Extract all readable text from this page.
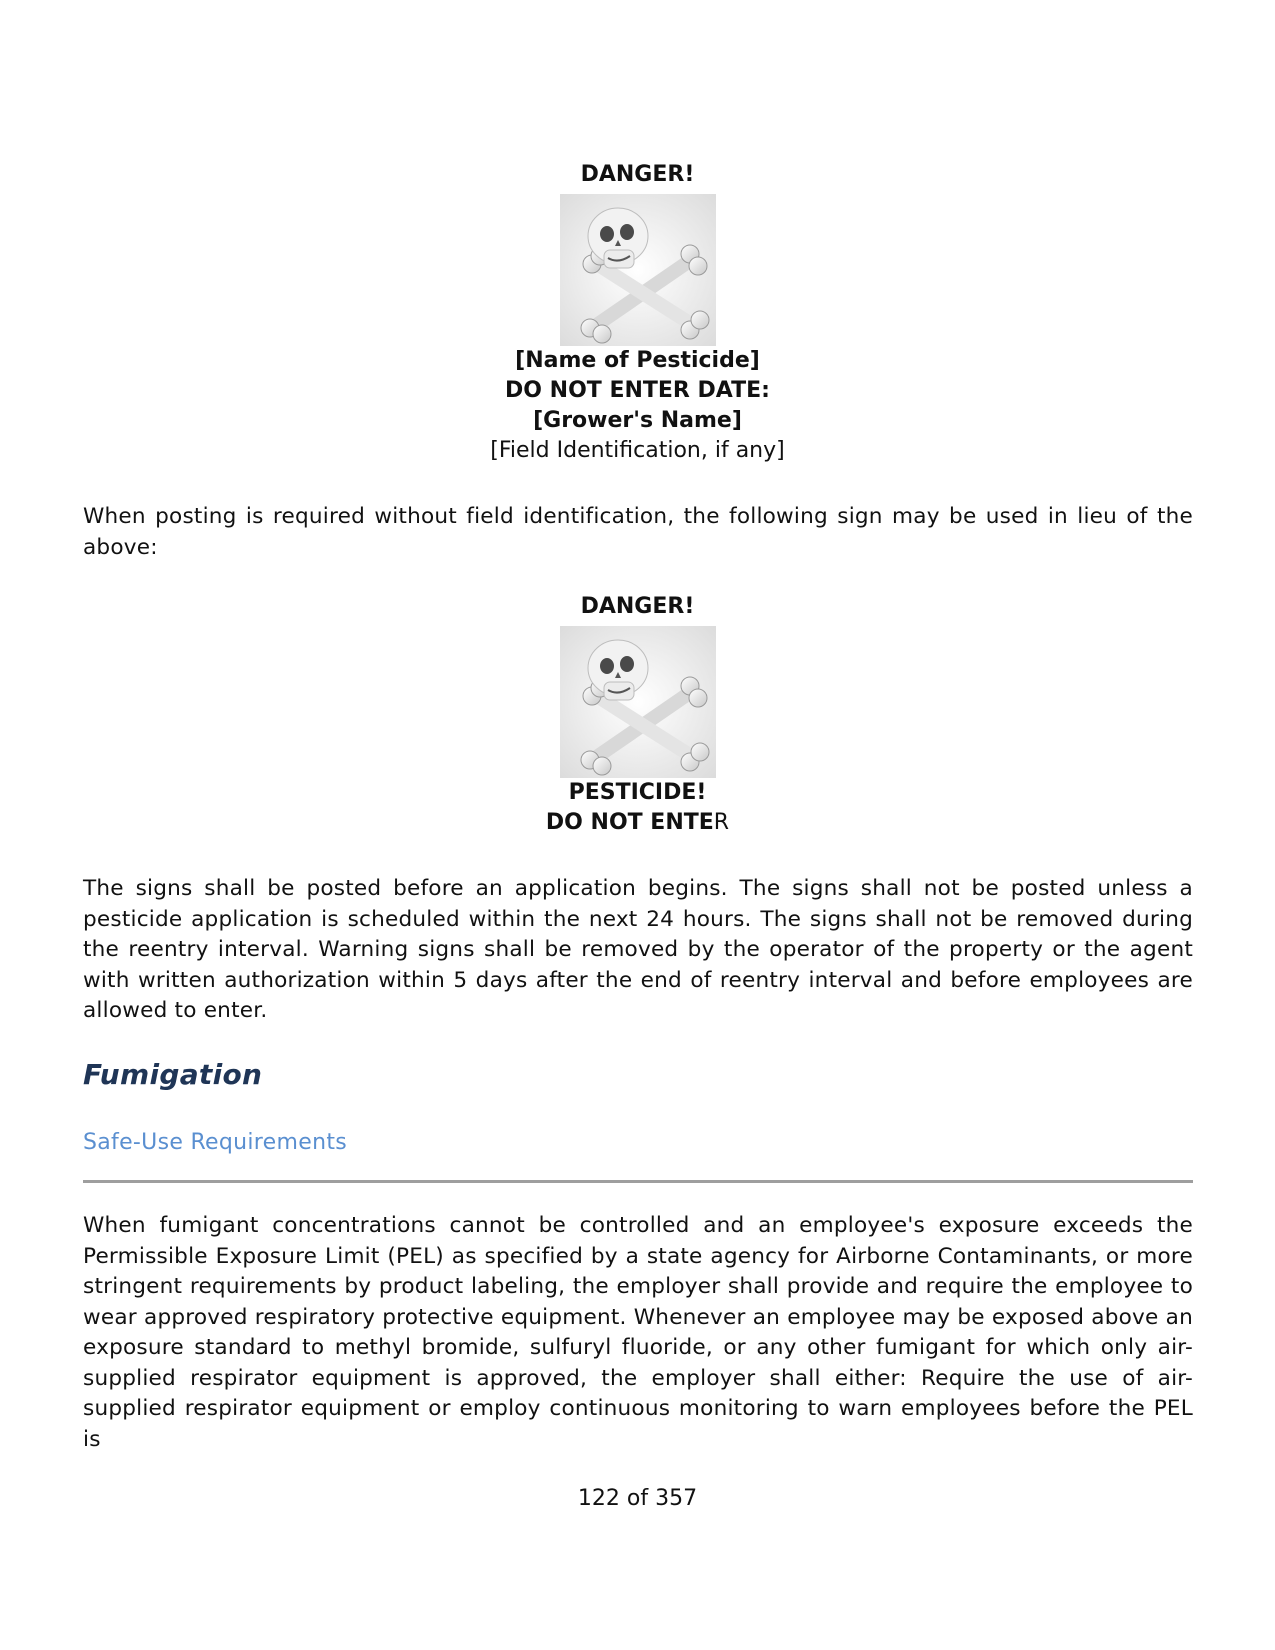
DANGER!
[Name of Pesticide]
DO NOT ENTER DATE:
[Grower's Name]
[Field Identification, if any]

When posting is required without field identification, the following sign may be used in lieu of the above:

DANGER!
PESTICIDE!
DO NOT ENTER

The signs shall be posted before an application begins. The signs shall not be posted unless a pesticide application is scheduled within the next 24 hours. The signs shall not be removed during the reentry interval. Warning signs shall be removed by the operator of the property or the agent with written authorization within 5 days after the end of reentry interval and before employees are allowed to enter.

Fumigation
Safe-Use Requirements

When fumigant concentrations cannot be controlled and an employee's exposure exceeds the Permissible Exposure Limit (PEL) as specified by a state agency for Airborne Contaminants, or more stringent requirements by product labeling, the employer shall provide and require the employee to wear approved respiratory protective equipment. Whenever an employee may be exposed above an exposure standard to methyl bromide, sulfuryl fluoride, or any other fumigant for which only air-supplied respirator equipment is approved, the employer shall either: Require the use of air-supplied respirator equipment or employ continuous monitoring to warn employees before the PEL is

122 of 357
